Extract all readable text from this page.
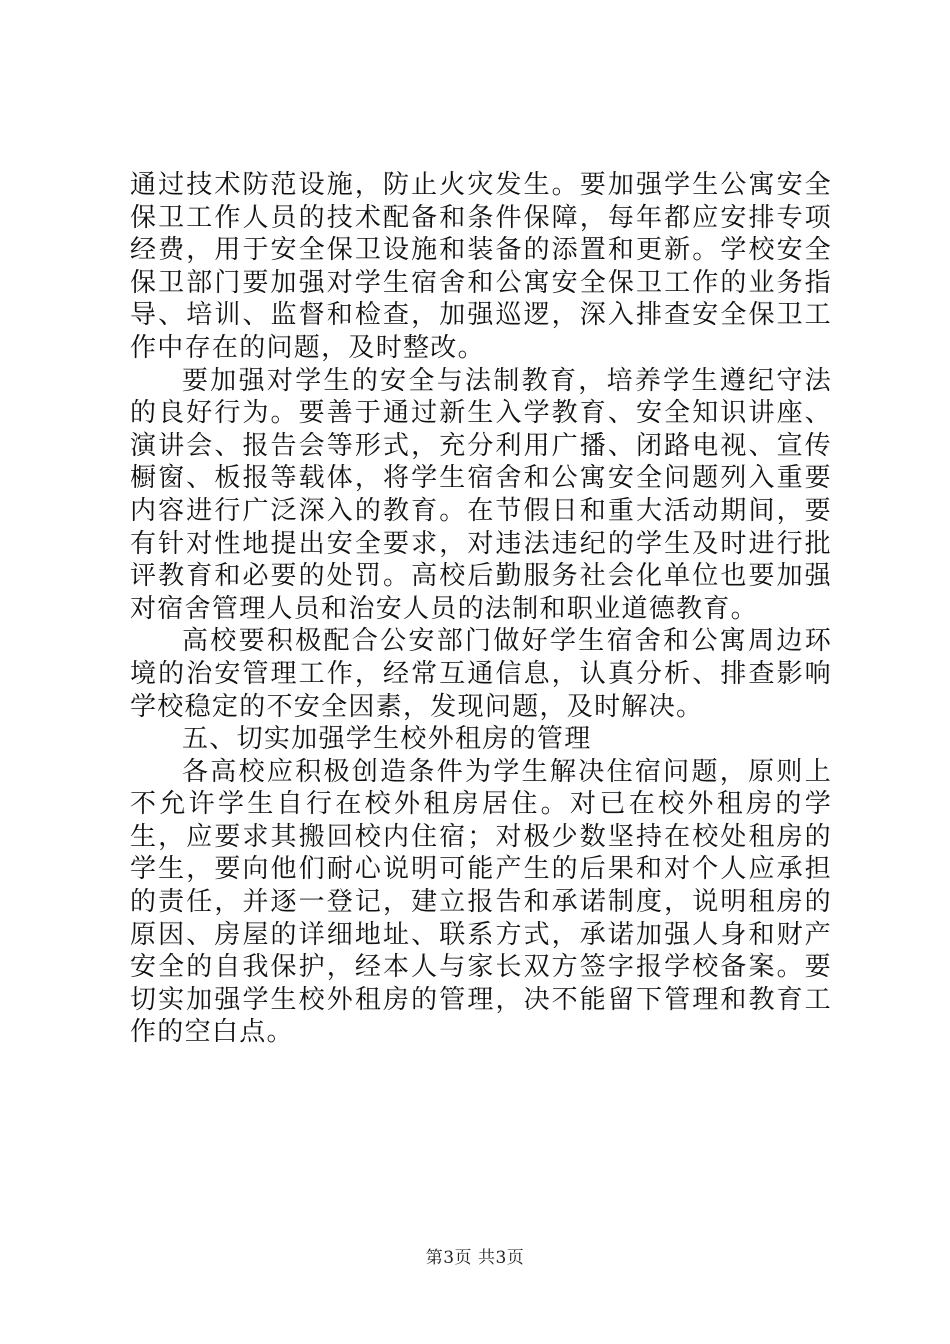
通过技术防范设施，防止火灾发生。要加强学生公寓安全保卫工作人员的技术配备和条件保障，每年都应安排专项经费，用于安全保卫设施和装备的添置和更新。学校安全保卫部门要加强对学生宿舍和公寓安全保卫工作的业务指导、培训、监督和检查，加强巡逻，深入排查安全保卫工作中存在的问题，及时整改。

要加强对学生的安全与法制教育，培养学生遵纪守法的良好行为。要善于通过新生入学教育、安全知识讲座、演讲会、报告会等形式，充分利用广播、闭路电视、宣传橱窗、板报等载体，将学生宿舍和公寓安全问题列入重要内容进行广泛深入的教育。在节假日和重大活动期间，要有针对性地提出安全要求，对违法违纪的学生及时进行批评教育和必要的处罚。高校后勤服务社会化单位也要加强对宿舍管理人员和治安人员的法制和职业道德教育。

高校要积极配合公安部门做好学生宿舍和公寓周边环境的治安管理工作，经常互通信息，认真分析、排查影响学校稳定的不安全因素，发现问题，及时解决。

五、切实加强学生校外租房的管理

各高校应积极创造条件为学生解决住宿问题，原则上不允许学生自行在校外租房居住。对已在校外租房的学生，应要求其搬回校内住宿；对极少数坚持在校处租房的学生，要向他们耐心说明可能产生的后果和对个人应承担的责任，并逐一登记，建立报告和承诺制度，说明租房的原因、房屋的详细地址、联系方式，承诺加强人身和财产安全的自我保护，经本人与家长双方签字报学校备案。要切实加强学生校外租房的管理，决不能留下管理和教育工作的空白点。

第3页 共3页
